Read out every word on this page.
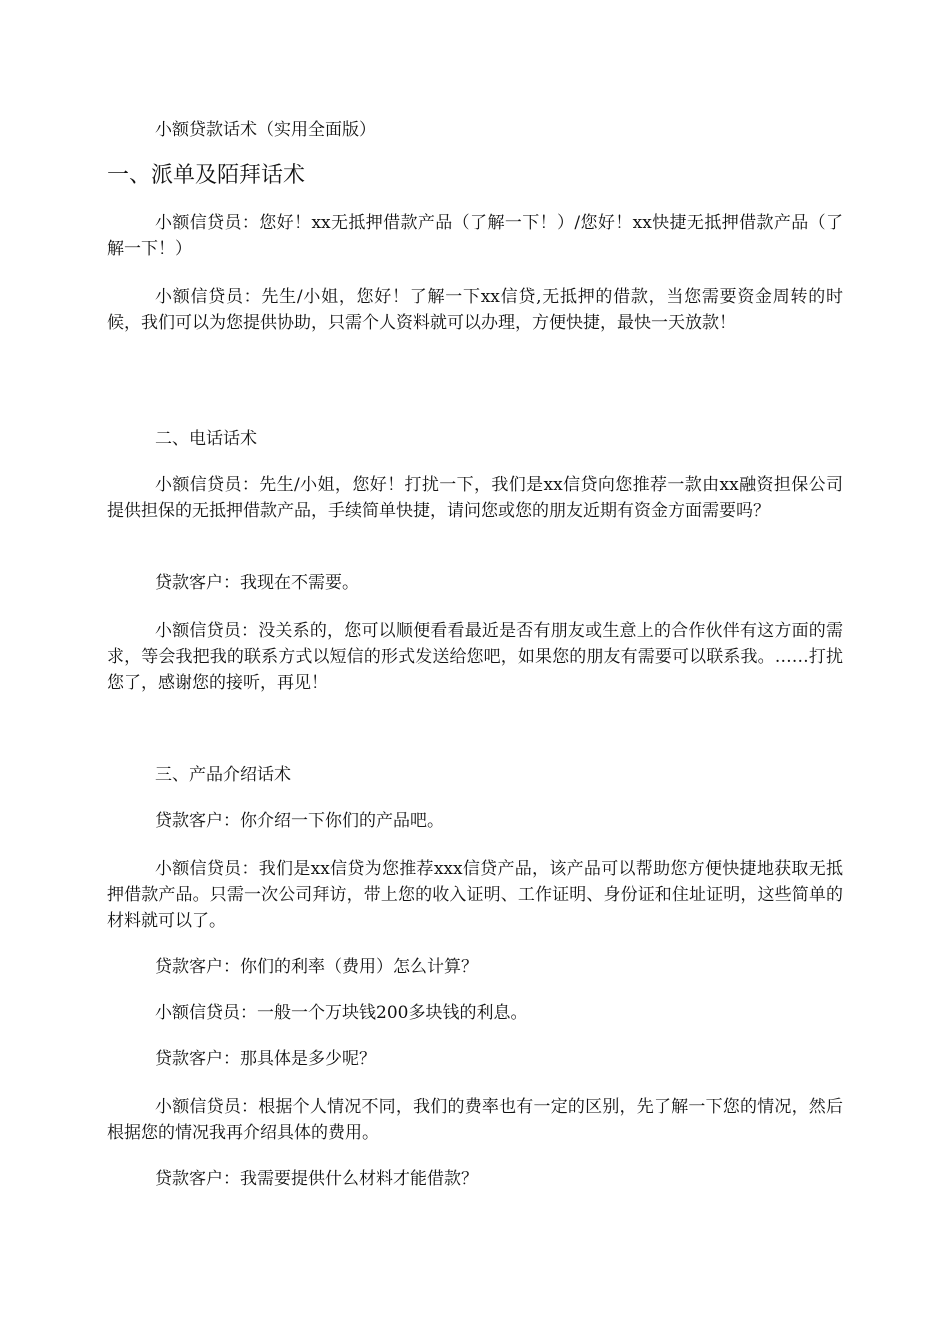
小额贷款话术（实用全面版）
一、派单及陌拜话术

小额信贷员：您好！xx无抵押借款产品（了解一下！）/您好！xx快捷无抵押借款产品（了解一下！）

小额信贷员：先生/小姐，您好！了解一下xx信贷,无抵押的借款，当您需要资金周转的时候，我们可以为您提供协助，只需个人资料就可以办理，方便快捷，最快一天放款！

二、电话话术

小额信贷员：先生/小姐，您好！打扰一下，我们是xx信贷向您推荐一款由xx融资担保公司提供担保的无抵押借款产品，手续简单快捷，请问您或您的朋友近期有资金方面需要吗？

贷款客户：我现在不需要。

小额信贷员：没关系的，您可以顺便看看最近是否有朋友或生意上的合作伙伴有这方面的需求，等会我把我的联系方式以短信的形式发送给您吧，如果您的朋友有需要可以联系我。……打扰您了，感谢您的接听，再见！

三、产品介绍话术

贷款客户：你介绍一下你们的产品吧。

小额信贷员：我们是xx信贷为您推荐xxx信贷产品，该产品可以帮助您方便快捷地获取无抵押借款产品。只需一次公司拜访，带上您的收入证明、工作证明、身份证和住址证明，这些简单的材料就可以了。

贷款客户：你们的利率（费用）怎么计算？

小额信贷员：一般一个万块钱200多块钱的利息。

贷款客户：那具体是多少呢？

小额信贷员：根据个人情况不同，我们的费率也有一定的区别，先了解一下您的情况，然后根据您的情况我再介绍具体的费用。

贷款客户：我需要提供什么材料才能借款？
